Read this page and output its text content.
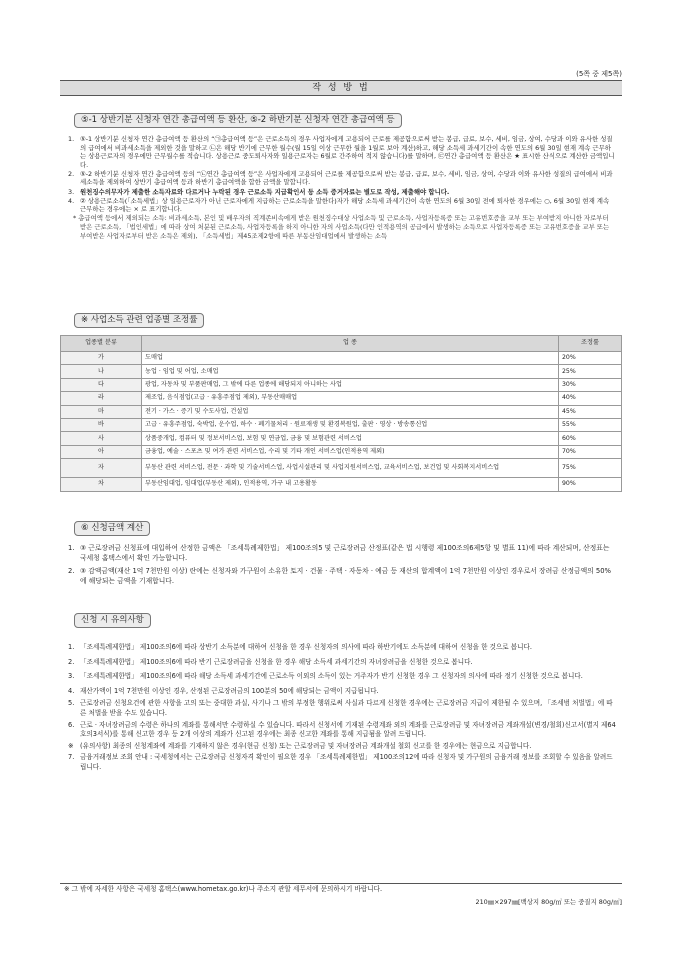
(5쪽 중 제5쪽)
작 성 방 법
⑤-1 상반기분 신청자 연간 총급여액 등 환산, ⑤-2 하반기분 신청자 연간 총급여액 등
1. ⑤-1 상반기분 신청자 연간 총급여액 등 환산의 “㉠총급여액 등”은 근로소득의 경우 사업자에게 고용되어 근로를 제공함으로써 받는 봉급, 급료, 보수, 세비, 임금, 상여, 수당과 이와 유사한 성질의 급여에서 비과세소득을 제외한 것을 말하고 ㉡은 해당 반기에 근무한 월수(월 15일 이상 근무한 월을 1월로 보아 계산)하고, 해당 소득세 과세기간이 속한 연도의 6월 30일 현재 계속 근무하는 상용근로자의 경우에만 근무월수를 적습니다. 상용근로 중도퇴사자와 일용근로자는 6월로 간주하여 적지 않습니다)를 말하며, ㉢연간 총급여액 등 환산은 ★ 표시한 산식으로 계산한 금액입니다.
2. ⑤-2 하반기분 신청자 연간 총급여액 등의 “㉡연간 총급여액 등”은 사업자에게 고용되어 근로를 제공함으로써 받는 봉급, 급료, 보수, 세비, 임금, 상여, 수당과 이와 유사한 성질의 급여에서 비과세소득을 제외하여 상반기 총급여액 등과 하반기 총급여액을 합한 금액을 말합니다.
3. 원천징수의무자가 제출한 소득자료와 다르거나 누락된 경우 근로소득 지급확인서 등 소득 증거자료는 별도로 작성, 제출해야 합니다.
4. ② 상용근로소득(「소득세법」상 일용근로자가 아닌 근로자에게 지급하는 근로소득을 말한다)자가 해당 소득세 과세기간이 속한 연도의 6월 30일 전에 퇴사한 경우에는 ○, 6월 30일 현재 계속 근무하는 경우에는 × 로 표기합니다.
* 총급여액 등에서 제외되는 소득: 비과세소득, 본인 및 배우자의 직계존비속에게 받은 원천징수대상 사업소득 및 근로소득, 사업자등록증 또는 고유번호증을 교부 또는 부여받지 아니한 자로부터 받은 근로소득, 「법인세법」에 따라 상여 처분된 근로소득, 사업자등록을 하지 아니한 자의 사업소득(다만 인적용역의 공급에서 발생하는 소득으로 사업자등록증 또는 고유번호증을 교부 또는 부여받은 사업자로부터 받은 소득은 제외), 「소득세법」제45조제2항에 따른 부동산임대업에서 발생하는 소득
※ 사업소득 관련 업종별 조정률
업종별 분류	업 종	조정률
가	도매업	20%
나	농업 · 임업 및 어업, 소매업	25%
다	광업, 자동차 및 부품판매업, 그 밖에 다른 업종에 해당되지 아니하는 사업	30%
라	제조업, 음식점업(고급 · 유흥주점업 제외), 부동산매매업	40%
마	전기 · 가스 · 증기 및 수도사업, 건설업	45%
바	고급 · 유흥주점업, 숙박업, 운수업, 하수 · 폐기물처리 · 원료재생 및 환경복원업, 출판 · 영상 · 방송통신업	55%
사	상품중개업, 컴퓨터 및 정보서비스업, 보험 및 연금업, 금융 및 보험관련 서비스업	60%
아	금융업, 예술 · 스포츠 및 여가 관련 서비스업, 수리 및 기타 개인 서비스업(인적용역 제외)	70%
자	부동산 관련 서비스업, 전문 · 과학 및 기술서비스업, 사업시설관리 및 사업지원서비스업, 교육서비스업, 보건업 및 사회복지서비스업	75%
차	부동산임대업, 임대업(부동산 제외), 인적용역, 가구 내 고용활동	90%
⑥ 신청금액 계산
1. ③ 근로장려금 신청표에 대입하여 산정한 금액은 「조세특례제한법」 제100조의5 및 근로장려금 산정표(같은 법 시행령 제100조의6제5항 및 별표 11)에 따라 계산되며, 산정표는 국세청 홈택스에서 확인 가능합니다.
2. ③ 감액금액(재산 1억 7천만원 이상) 란에는 신청자와 가구원이 소유한 토지 · 건물 · 주택 · 자동차 · 예금 등 재산의 합계액이 1억 7천만원 이상인 경우로서 장려금 산정금액의 50%에 해당되는 금액을 기재합니다.
신청 시 유의사항
1. 「조세특례제한법」 제100조의6에 따라 상반기 소득분에 대하여 신청을 한 경우 신청자의 의사에 따라 하반기에도 소득분에 대하여 신청을 한 것으로 봅니다.
2. 「조세특례제한법」 제100조의6에 따라 반기 근로장려금을 신청을 한 경우 해당 소득세 과세기간의 자녀장려금을 신청한 것으로 봅니다.
3. 「조세특례제한법」 제100조의6에 따라 해당 소득세 과세기간에 근로소득 이외의 소득이 있는 거주자가 반기 신청한 경우 그 신청자의 의사에 따라 정기 신청한 것으로 봅니다.
4. 재산가액이 1억 7천만원 이상인 경우, 산정된 근로장려금의 100분의 50에 해당되는 금액이 지급됩니다.
5. 근로장려금 신청요건에 관한 사항을 고의 또는 중대한 과실, 사기나 그 밖의 부정한 행위로써 사실과 다르게 신청한 경우에는 근로장려금 지급이 제한될 수 있으며, 「조세범 처벌법」에 따른 처벌을 받을 수도 있습니다.
6. 근로 · 자녀장려금의 수령은 하나의 계좌를 통해서만 수령하실 수 있습니다. 따라서 신청서에 기재된 수령계좌 외의 계좌를 근로장려금 및 자녀장려금 계좌개설(변경/철회)신고서(별지 제64호의3서식)를 통해 신고한 경우 등 2개 이상의 계좌가 신고된 경우에는 최종 신고한 계좌를 통해 지급됨을 알려 드립니다.
※ (유의사항) 최종의 신청계좌에 계좌를 기재하지 않은 경우(현금 신청) 또는 근로장려금 및 자녀장려금 계좌개설 철회 신고를 한 경우에는 현금으로 지급합니다.
7. 금융거래정보 조회 안내 : 국세청에서는 근로장려금 신청자격 확인이 필요한 경우 「조세특례제한법」 제100조의12에 따라 신청자 및 가구원의 금융거래 정보를 조회할 수 있음을 알려드립니다.
※ 그 밖에 자세한 사항은 국세청 홈택스(www.hometax.go.kr)나 주소지 관할 세무서에 문의하시기 바랍니다.
210㎜×297㎜[백상지 80g/㎡ 또는 중질지 80g/㎡]
